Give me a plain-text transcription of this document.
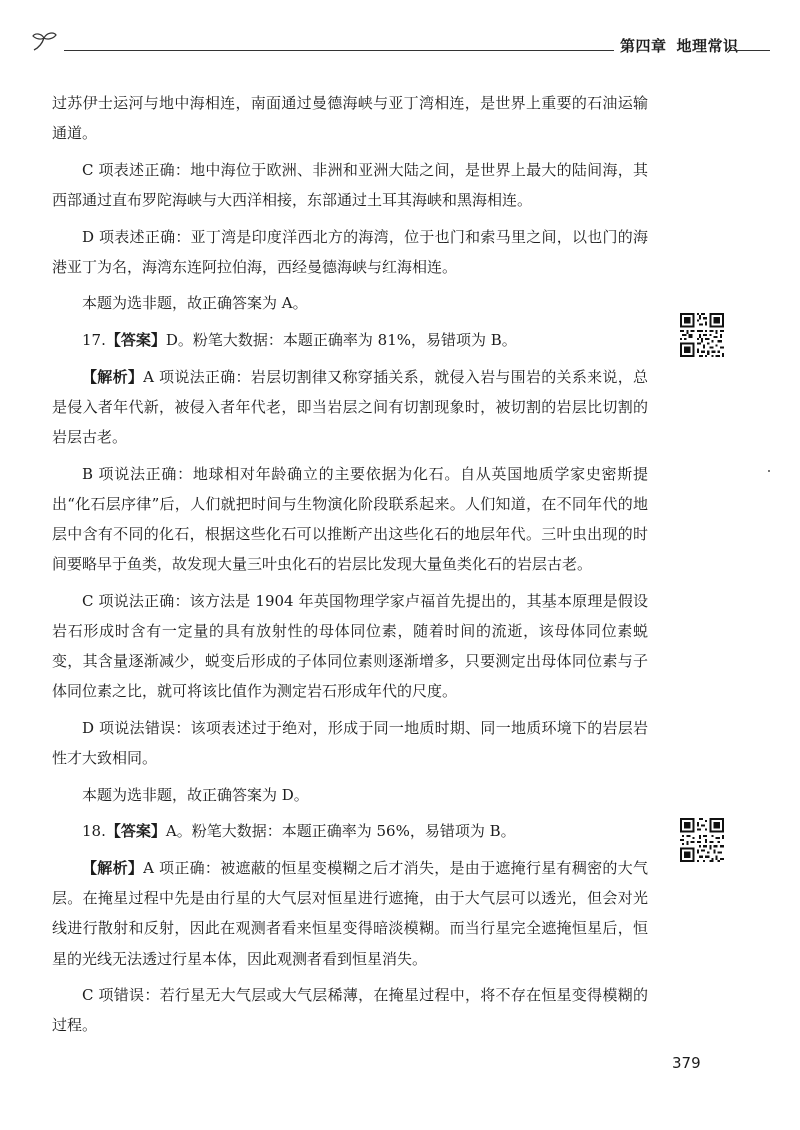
第四章 地理常识

过苏伊士运河与地中海相连，南面通过曼德海峡与亚丁湾相连，是世界上重要的石油运输通道。

C 项表述正确：地中海位于欧洲、非洲和亚洲大陆之间，是世界上最大的陆间海，其西部通过直布罗陀海峡与大西洋相接，东部通过土耳其海峡和黑海相连。

D 项表述正确：亚丁湾是印度洋西北方的海湾，位于也门和索马里之间，以也门的海港亚丁为名，海湾东连阿拉伯海，西经曼德海峡与红海相连。

本题为选非题，故正确答案为 A。

17.【答案】D。粉笔大数据：本题正确率为 81%，易错项为 B。

【解析】A 项说法正确：岩层切割律又称穿插关系，就侵入岩与围岩的关系来说，总是侵入者年代新，被侵入者年代老，即当岩层之间有切割现象时，被切割的岩层比切割的岩层古老。

B 项说法正确：地球相对年龄确立的主要依据为化石。自从英国地质学家史密斯提出“化石层序律”后，人们就把时间与生物演化阶段联系起来。人们知道，在不同年代的地层中含有不同的化石，根据这些化石可以推断产出这些化石的地层年代。三叶虫出现的时间要略早于鱼类，故发现大量三叶虫化石的岩层比发现大量鱼类化石的岩层古老。

C 项说法正确：该方法是 1904 年英国物理学家卢福首先提出的，其基本原理是假设岩石形成时含有一定量的具有放射性的母体同位素，随着时间的流逝，该母体同位素蜕变，其含量逐渐减少，蜕变后形成的子体同位素则逐渐增多，只要测定出母体同位素与子体同位素之比，就可将该比值作为测定岩石形成年代的尺度。

D 项说法错误：该项表述过于绝对，形成于同一地质时期、同一地质环境下的岩层岩性才大致相同。

本题为选非题，故正确答案为 D。

18.【答案】A。粉笔大数据：本题正确率为 56%，易错项为 B。

【解析】A 项正确：被遮蔽的恒星变模糊之后才消失，是由于遮掩行星有稠密的大气层。在掩星过程中先是由行星的大气层对恒星进行遮掩，由于大气层可以透光，但会对光线进行散射和反射，因此在观测者看来恒星变得暗淡模糊。而当行星完全遮掩恒星后，恒星的光线无法透过行星本体，因此观测者看到恒星消失。

C 项错误：若行星无大气层或大气层稀薄，在掩星过程中，将不存在恒星变得模糊的过程。

379
